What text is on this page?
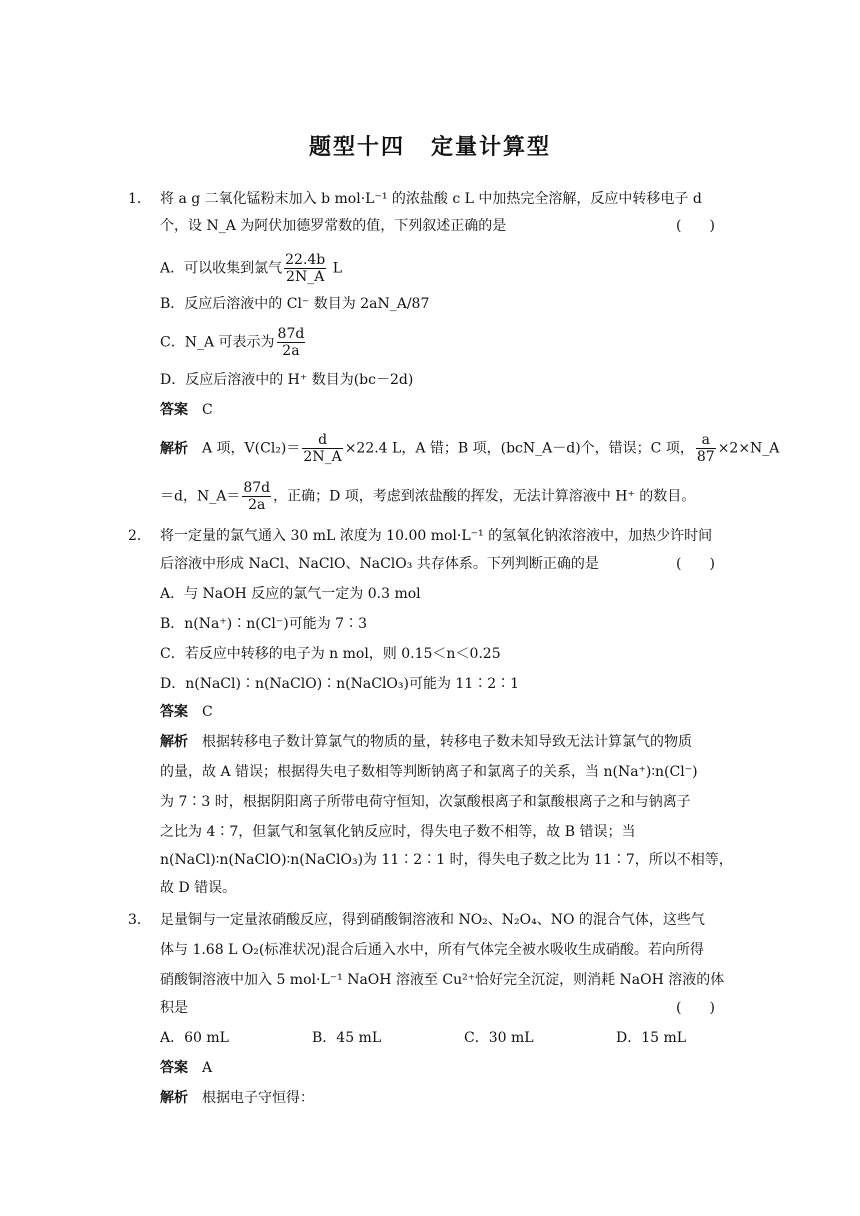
题型十四 定量计算型
1． 将 a g 二氧化锰粉末加入 b mol·L⁻¹ 的浓盐酸 c L 中加热完全溶解，反应中转移电子 d
个，设 N_A 为阿伏加德罗常数的值，下列叙述正确的是	(　　)
A．可以收集到氯气 $\frac{22.4b}{2N\_A}$ L
B．反应后溶液中的 Cl⁻ 数目为 2aN_A/87
C．N_A 可表示为 $\frac{87d}{2a}$
D．反应后溶液中的 H⁺ 数目为(bc－2d)
答案 C
解析 A 项，$V(Cl_2)= \frac{d}{2N\_A} \times 22.4$ L，A 错；B 项，(bcN_A－d)个，错误；C 项， $\frac{a}{87}$ ×2×N_A
＝d，N_A＝ $\frac{87d}{2a}$ ，正确；D 项，考虑到浓盐酸的挥发，无法计算溶液中 H⁺ 的数目。
2． 将一定量的氯气通入 30 mL 浓度为 10.00 mol·L⁻¹ 的氢氧化钠浓溶液中，加热少许时间
后溶液中形成 NaCl、NaClO、NaClO₃ 共存体系。下列判断正确的是	(　　)
A．与 NaOH 反应的氯气一定为 0.3 mol
B．n(Na⁺)∶n(Cl⁻)可能为 7∶3
C．若反应中转移的电子为 n mol，则 0.15＜n＜0.25
D．n(NaCl)∶n(NaClO)∶n(NaClO₃)可能为 11∶2∶1
答案 C
解析 根据转移电子数计算氯气的物质的量，转移电子数未知导致无法计算氯气的物质
的量，故 A 错误；根据得失电子数相等判断钠离子和氯离子的关系，当 n(Na⁺)∶n(Cl⁻)
为 7∶3 时，根据阴阳离子所带电荷守恒知，次氯酸根离子和氯酸根离子之和与钠离子
之比为 4∶7，但氯气和氢氧化钠反应时，得失电子数不相等，故 B 错误；当
n(NaCl)∶n(NaClO)∶n(NaClO₃)为 11∶2∶1 时，得失电子数之比为 11∶7，所以不相等，
故 D 错误。
3． 足量铜与一定量浓硝酸反应，得到硝酸铜溶液和 NO₂、N₂O₄、NO 的混合气体，这些气
体与 1.68 L O₂(标准状况)混合后通入水中，所有气体完全被水吸收生成硝酸。若向所得
硝酸铜溶液中加入 5 mol·L⁻¹ NaOH 溶液至 Cu²⁺恰好完全沉淀，则消耗 NaOH 溶液的体
积是	(　　)
A．60 mL	B．45 mL	C．30 mL	D．15 mL
答案 A
解析 根据电子守恒得：
